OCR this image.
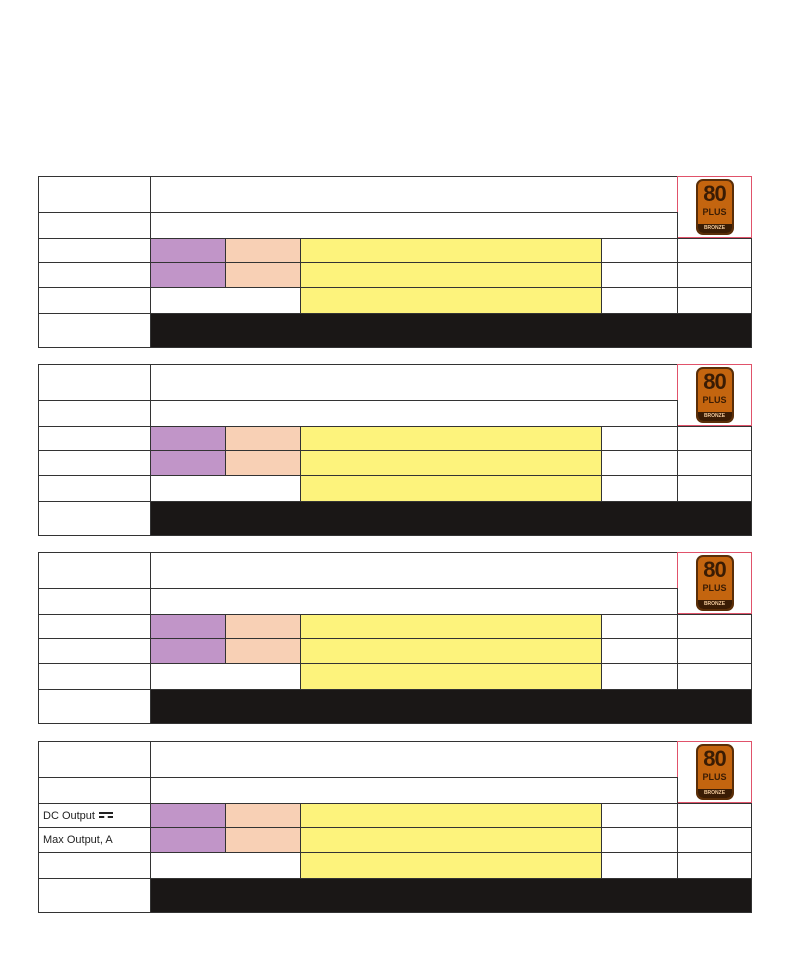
80
PLUS
BRONZE
80
PLUS
BRONZE
80
PLUS
BRONZE
80
PLUS
BRONZE
DC Output
Max Output, A
